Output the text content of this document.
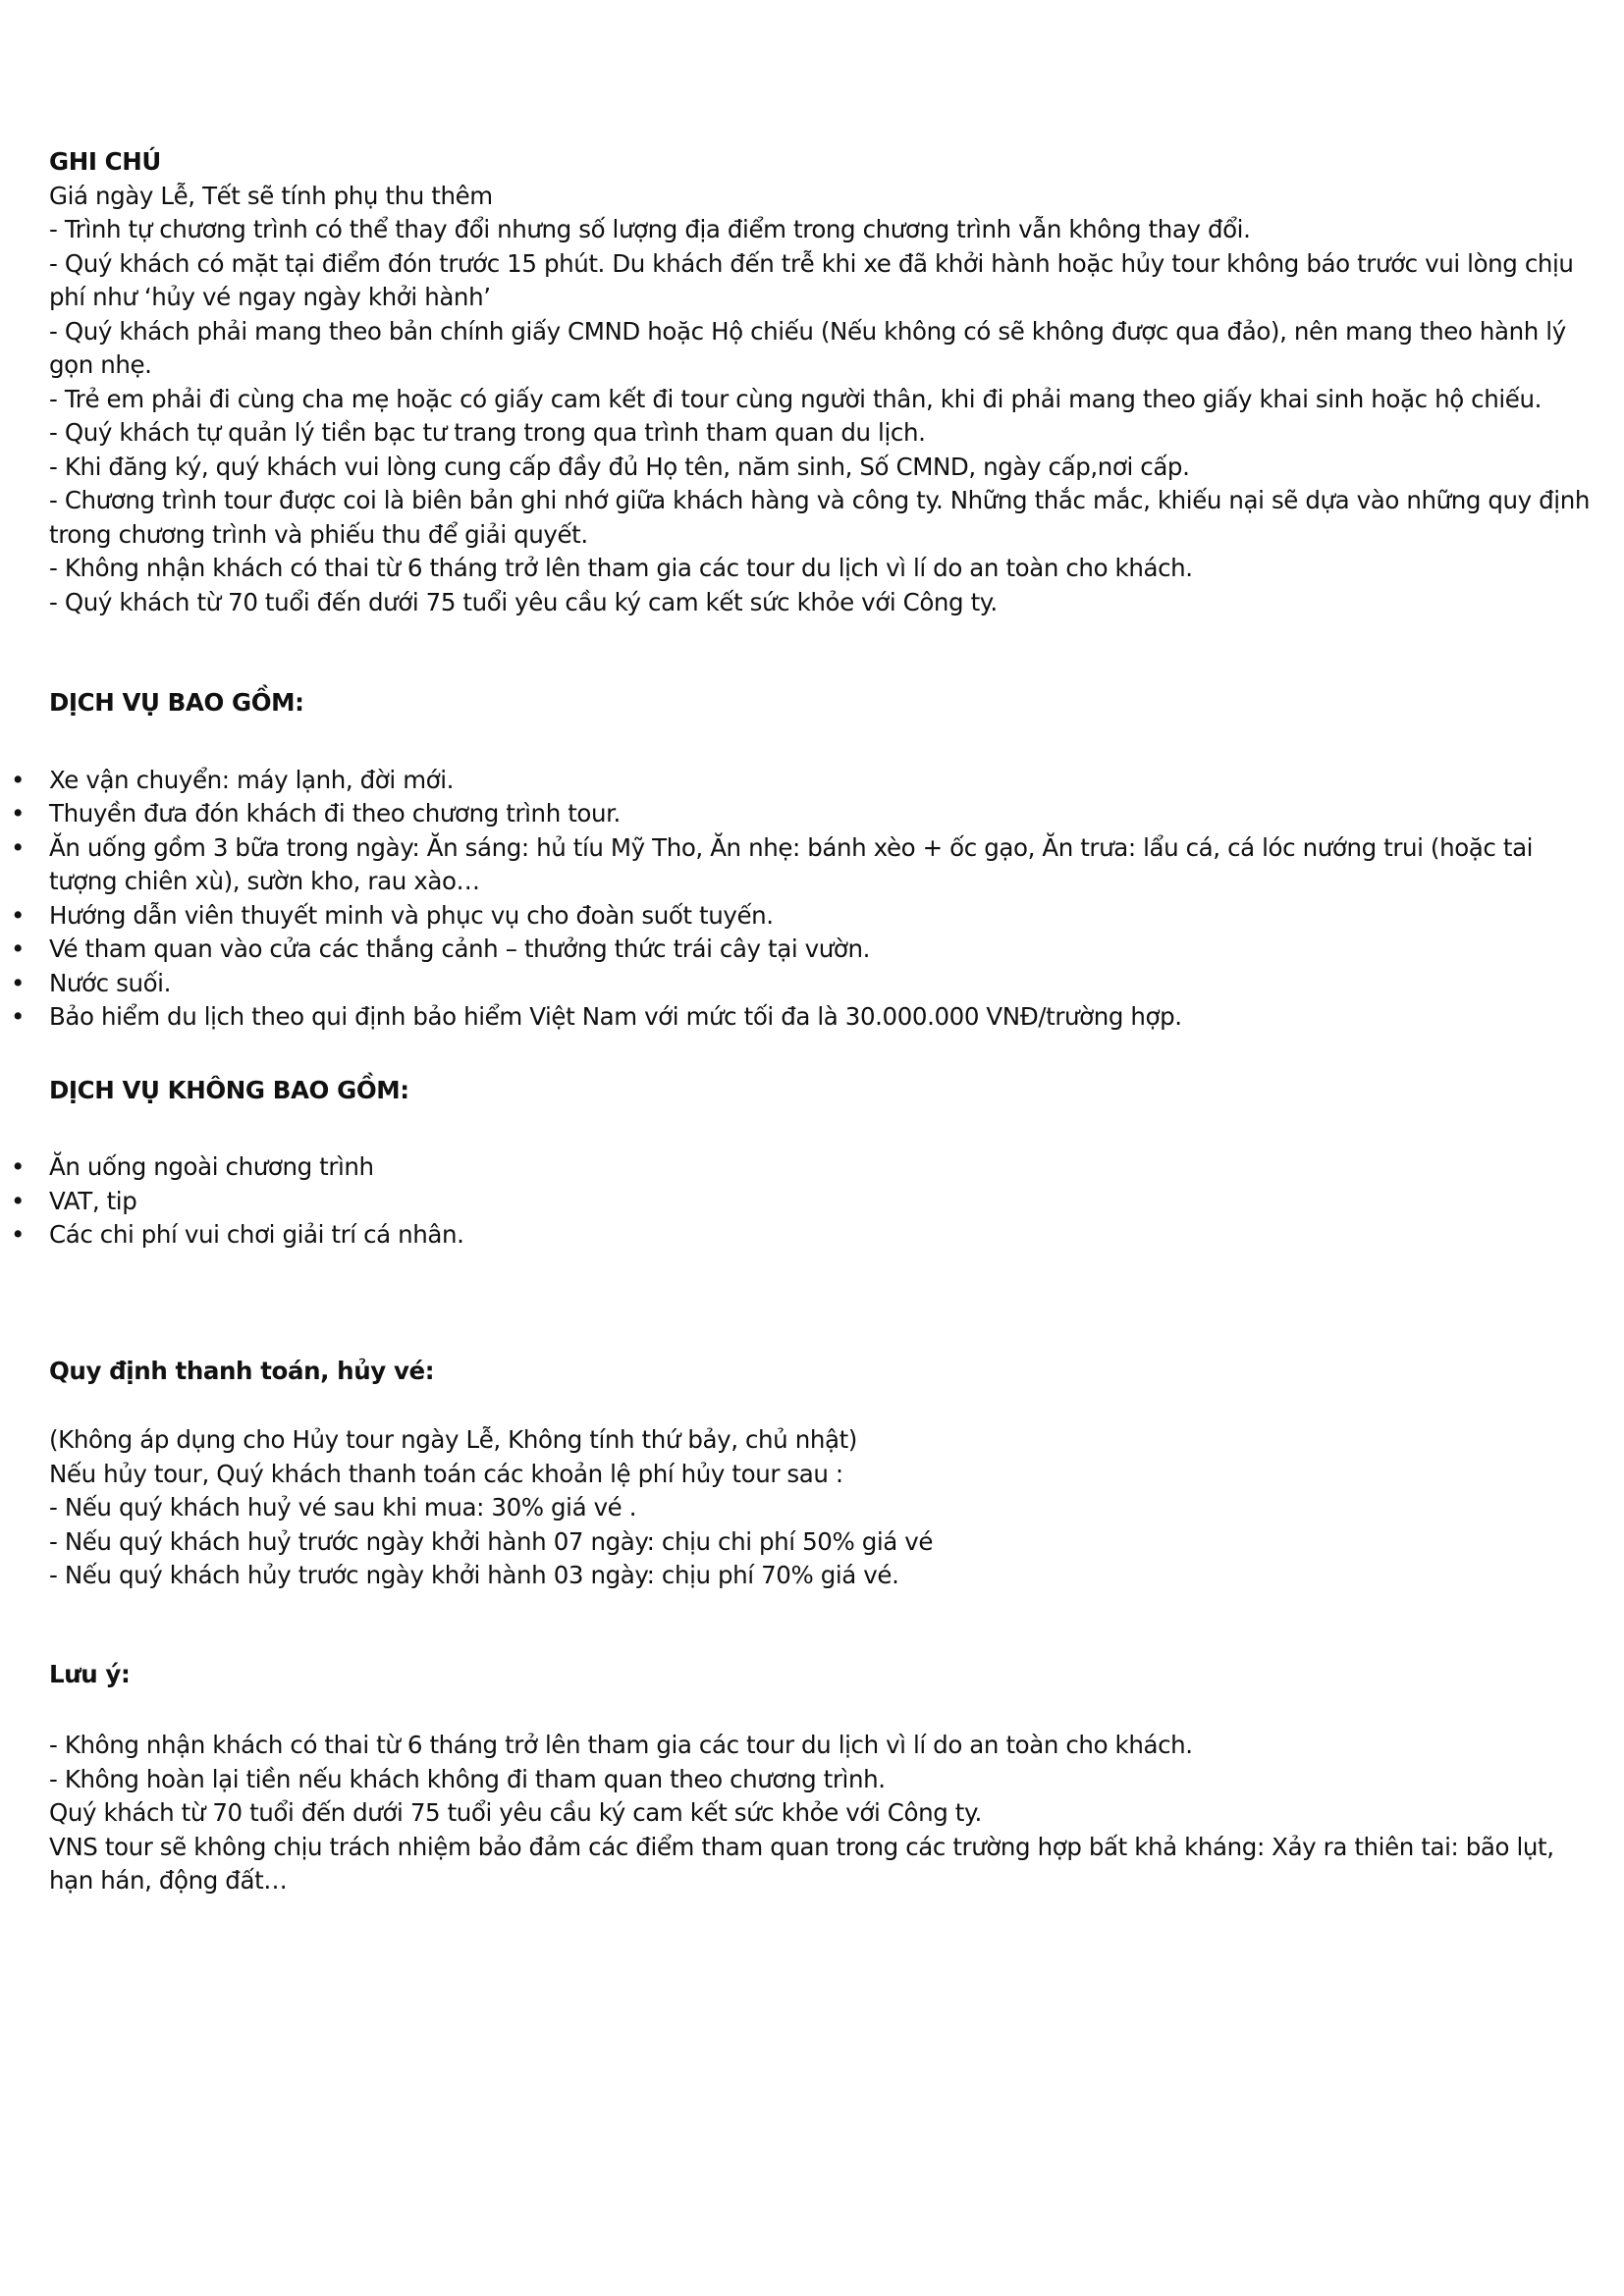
GHI CHÚ
Giá ngày Lễ, Tết sẽ tính phụ thu thêm
- Trình tự chương trình có thể thay đổi nhưng số lượng địa điểm trong chương trình vẫn không thay đổi.
- Quý khách có mặt tại điểm đón trước 15 phút. Du khách đến trễ khi xe đã khởi hành hoặc hủy tour không báo trước vui lòng chịu phí như ‘hủy vé ngay ngày khởi hành’
- Quý khách phải mang theo bản chính giấy CMND hoặc Hộ chiếu (Nếu không có sẽ không được qua đảo), nên mang theo hành lý gọn nhẹ.
- Trẻ em phải đi cùng cha mẹ hoặc có giấy cam kết đi tour cùng người thân, khi đi phải mang theo giấy khai sinh hoặc hộ chiếu.
- Quý khách tự quản lý tiền bạc tư trang trong qua trình tham quan du lịch.
- Khi đăng ký, quý khách vui lòng cung cấp đầy đủ Họ tên, năm sinh, Số CMND, ngày cấp,nơi cấp.
- Chương trình tour được coi là biên bản ghi nhớ giữa khách hàng và công ty. Những thắc mắc, khiếu nại sẽ dựa vào những quy định trong chương trình và phiếu thu để giải quyết.
- Không nhận khách có thai từ 6 tháng trở lên tham gia các tour du lịch vì lí do an toàn cho khách.
- Quý khách từ 70 tuổi đến dưới 75 tuổi yêu cầu ký cam kết sức khỏe với Công ty.
DỊCH VỤ BAO GỒM:
• Xe vận chuyển: máy lạnh, đời mới.
• Thuyền đưa đón khách đi theo chương trình tour.
• Ăn uống gồm 3 bữa trong ngày: Ăn sáng: hủ tíu Mỹ Tho, Ăn nhẹ: bánh xèo + ốc gạo, Ăn trưa: lẩu cá, cá lóc nướng trui (hoặc tai tượng chiên xù), sườn kho, rau xào…
• Hướng dẫn viên thuyết minh và phục vụ cho đoàn suốt tuyến.
• Vé tham quan vào cửa các thắng cảnh – thưởng thức trái cây tại vườn.
• Nước suối.
• Bảo hiểm du lịch theo qui định bảo hiểm Việt Nam với mức tối đa là 30.000.000 VNĐ/trường hợp.
DỊCH VỤ KHÔNG BAO GỒM:
• Ăn uống ngoài chương trình
• VAT, tip
• Các chi phí vui chơi giải trí cá nhân.
Quy định thanh toán, hủy vé:
(Không áp dụng cho Hủy tour ngày Lễ, Không tính thứ bảy, chủ nhật)
Nếu hủy tour, Quý khách thanh toán các khoản lệ phí hủy tour sau :
- Nếu quý khách huỷ vé sau khi mua: 30% giá vé .
- Nếu quý khách huỷ trước ngày khởi hành 07 ngày: chịu chi phí 50% giá vé
- Nếu quý khách hủy trước ngày khởi hành 03 ngày: chịu phí 70% giá vé.
Lưu ý:
- Không nhận khách có thai từ 6 tháng trở lên tham gia các tour du lịch vì lí do an toàn cho khách.
- Không hoàn lại tiền nếu khách không đi tham quan theo chương trình.
Quý khách từ 70 tuổi đến dưới 75 tuổi yêu cầu ký cam kết sức khỏe với Công ty.
VNS tour sẽ không chịu trách nhiệm bảo đảm các điểm tham quan trong các trường hợp bất khả kháng: Xảy ra thiên tai: bão lụt, hạn hán, động đất…
